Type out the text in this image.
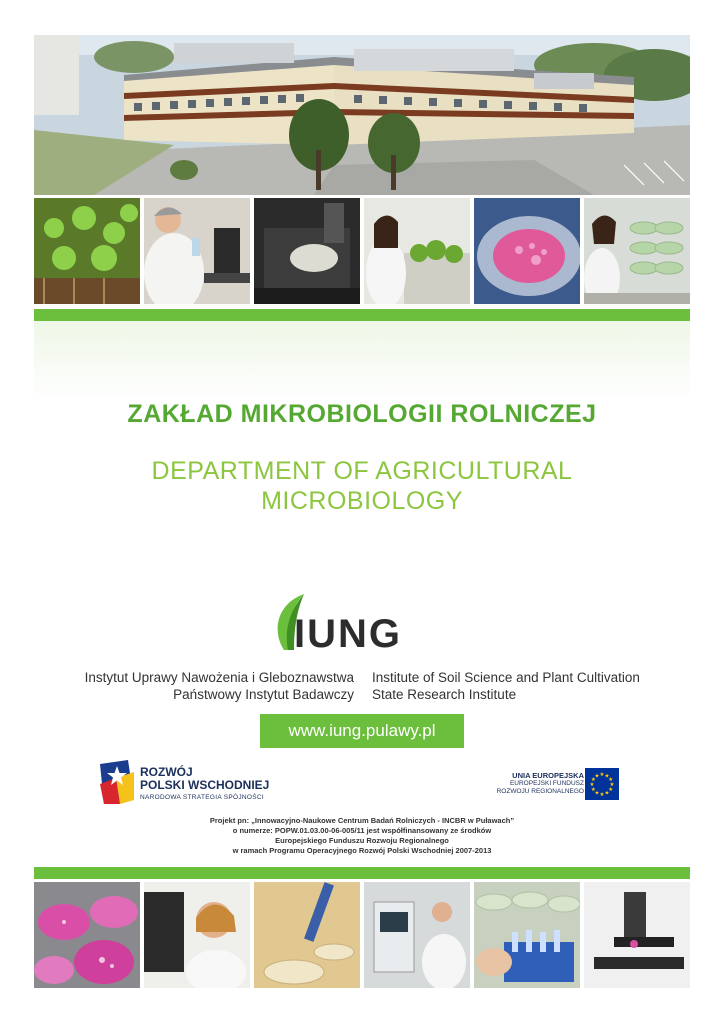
ZAKŁAD MIKROBIOLOGII ROLNICZEJ
DEPARTMENT OF AGRICULTURAL
MICROBIOLOGY
IUNG
Instytut Uprawy Nawożenia i Gleboznawstwa
Państwowy Instytut Badawczy
Institute of Soil Science and Plant Cultivation
State Research Institute
www.iung.pulawy.pl
ROZWÓJ
POLSKI WSCHODNIEJ
NARODOWA STRATEGIA SPÓJNOŚCI
UNIA EUROPEJSKA
EUROPEJSKI FUNDUSZ
ROZWOJU REGIONALNEGO
★ ★
★
★
★
★
★
★
★
★
★
★
Projekt pn: „Innowacyjno-Naukowe Centrum Badań Rolniczych - INCBR w Puławach”
o numerze: POPW.01.03.00-06-005/11 jest współfinansowany ze środków
Europejskiego Funduszu Rozwoju Regionalnego
w ramach Programu Operacyjnego Rozwój Polski Wschodniej 2007-2013
